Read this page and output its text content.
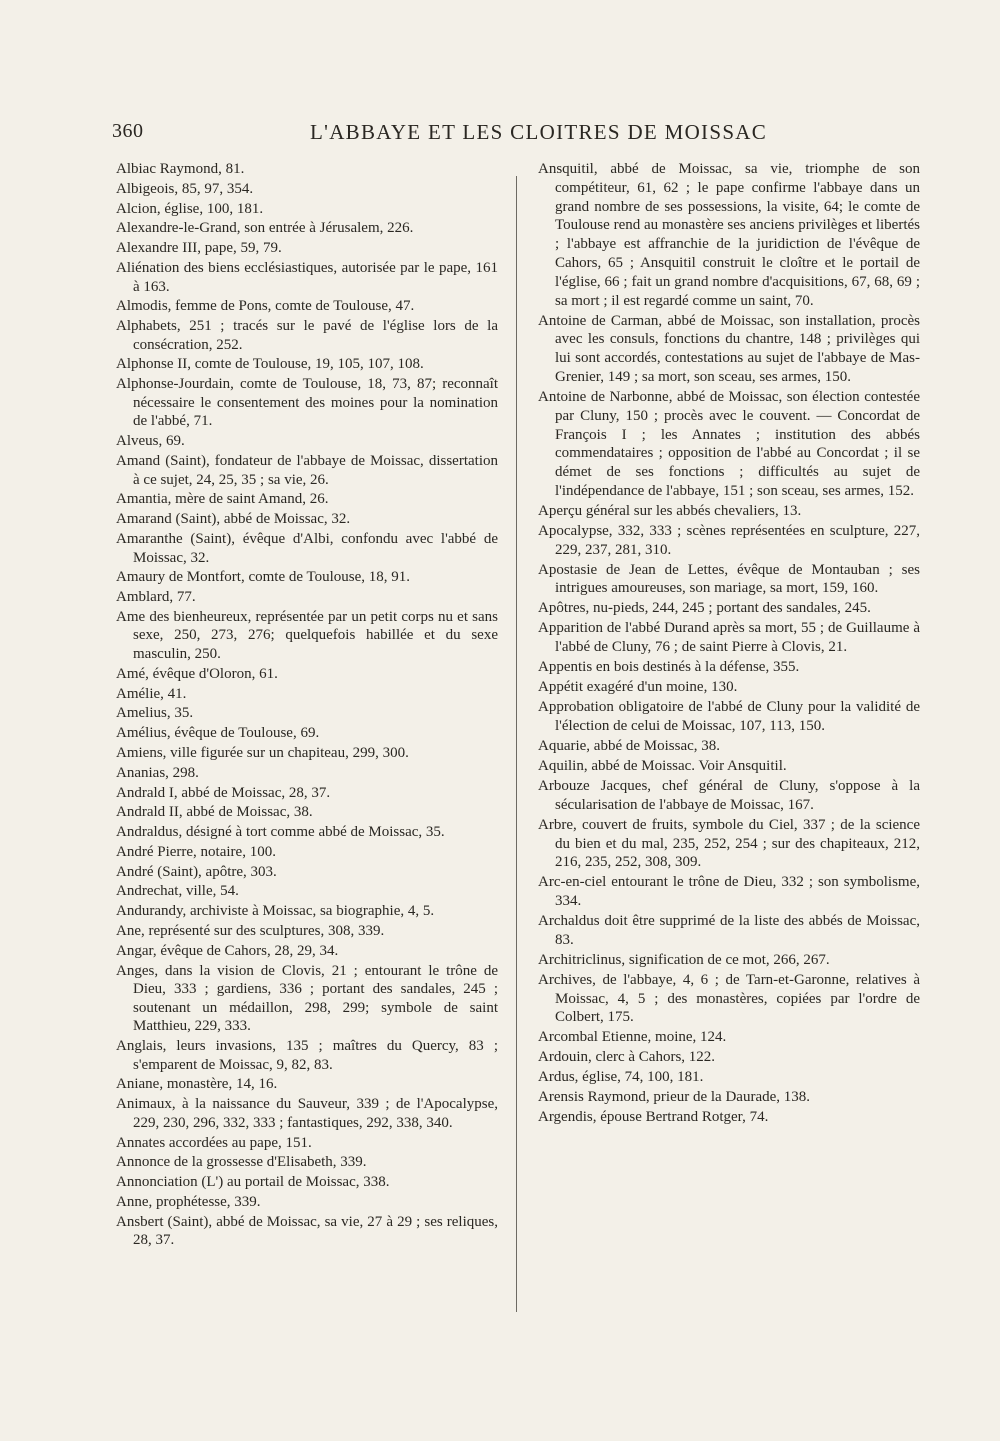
360	L'ABBAYE ET LES CLOITRES DE MOISSAC

Albiac Raymond, 81.

Albigeois, 85, 97, 354.

Alcion, église, 100, 181.

Alexandre-le-Grand, son entrée à Jérusalem, 226.

Alexandre III, pape, 59, 79.

Aliénation des biens ecclésiastiques, autorisée par le pape, 161 à 163.

Almodis, femme de Pons, comte de Toulouse, 47.

Alphabets, 251 ; tracés sur le pavé de l'église lors de la consécration, 252.

Alphonse II, comte de Toulouse, 19, 105, 107, 108.

Alphonse-Jourdain, comte de Toulouse, 18, 73, 87; reconnaît nécessaire le consentement des moines pour la nomination de l'abbé, 71.

Alveus, 69.

Amand (Saint), fondateur de l'abbaye de Moissac, dissertation à ce sujet, 24, 25, 35 ; sa vie, 26.

Amantia, mère de saint Amand, 26.

Amarand (Saint), abbé de Moissac, 32.

Amaranthe (Saint), évêque d'Albi, confondu avec l'abbé de Moissac, 32.

Amaury de Montfort, comte de Toulouse, 18, 91.

Amblard, 77.

Ame des bienheureux, représentée par un petit corps nu et sans sexe, 250, 273, 276; quelquefois habillée et du sexe masculin, 250.

Amé, évêque d'Oloron, 61.

Amélie, 41.

Amelius, 35.

Amélius, évêque de Toulouse, 69.

Amiens, ville figurée sur un chapiteau, 299, 300.

Ananias, 298.

Andrald I, abbé de Moissac, 28, 37.

Andrald II, abbé de Moissac, 38.

Andraldus, désigné à tort comme abbé de Moissac, 35.

André Pierre, notaire, 100.

André (Saint), apôtre, 303.

Andrechat, ville, 54.

Andurandy, archiviste à Moissac, sa biographie, 4, 5.

Ane, représenté sur des sculptures, 308, 339.

Angar, évêque de Cahors, 28, 29, 34.

Anges, dans la vision de Clovis, 21 ; entourant le trône de Dieu, 333 ; gardiens, 336 ; portant des sandales, 245 ; soutenant un médaillon, 298, 299; symbole de saint Matthieu, 229, 333.

Anglais, leurs invasions, 135 ; maîtres du Quercy, 83 ; s'emparent de Moissac, 9, 82, 83.

Aniane, monastère, 14, 16.

Animaux, à la naissance du Sauveur, 339 ; de l'Apocalypse, 229, 230, 296, 332, 333 ; fantastiques, 292, 338, 340.

Annates accordées au pape, 151.

Annonce de la grossesse d'Elisabeth, 339.

Annonciation (L') au portail de Moissac, 338.

Anne, prophétesse, 339.

Ansbert (Saint), abbé de Moissac, sa vie, 27 à 29 ; ses reliques, 28, 37.

Ansquitil, abbé de Moissac, sa vie, triomphe de son compétiteur, 61, 62 ; le pape confirme l'abbaye dans un grand nombre de ses possessions, la visite, 64; le comte de Toulouse rend au monastère ses anciens privilèges et libertés ; l'abbaye est affranchie de la juridiction de l'évêque de Cahors, 65 ; Ansquitil construit le cloître et le portail de l'église, 66 ; fait un grand nombre d'acquisitions, 67, 68, 69 ; sa mort ; il est regardé comme un saint, 70.

Antoine de Carman, abbé de Moissac, son installation, procès avec les consuls, fonctions du chantre, 148 ; privilèges qui lui sont accordés, contestations au sujet de l'abbaye de Mas-Grenier, 149 ; sa mort, son sceau, ses armes, 150.

Antoine de Narbonne, abbé de Moissac, son élection contestée par Cluny, 150 ; procès avec le couvent. — Concordat de François I ; les Annates ; institution des abbés commendataires ; opposition de l'abbé au Concordat ; il se démet de ses fonctions ; difficultés au sujet de l'indépendance de l'abbaye, 151 ; son sceau, ses armes, 152.

Aperçu général sur les abbés chevaliers, 13.

Apocalypse, 332, 333 ; scènes représentées en sculpture, 227, 229, 237, 281, 310.

Apostasie de Jean de Lettes, évêque de Montauban ; ses intrigues amoureuses, son mariage, sa mort, 159, 160.

Apôtres, nu-pieds, 244, 245 ; portant des sandales, 245.

Apparition de l'abbé Durand après sa mort, 55 ; de Guillaume à l'abbé de Cluny, 76 ; de saint Pierre à Clovis, 21.

Appentis en bois destinés à la défense, 355.

Appétit exagéré d'un moine, 130.

Approbation obligatoire de l'abbé de Cluny pour la validité de l'élection de celui de Moissac, 107, 113, 150.

Aquarie, abbé de Moissac, 38.

Aquilin, abbé de Moissac. Voir Ansquitil.

Arbouze Jacques, chef général de Cluny, s'oppose à la sécularisation de l'abbaye de Moissac, 167.

Arbre, couvert de fruits, symbole du Ciel, 337 ; de la science du bien et du mal, 235, 252, 254 ; sur des chapiteaux, 212, 216, 235, 252, 308, 309.

Arc-en-ciel entourant le trône de Dieu, 332 ; son symbolisme, 334.

Archaldus doit être supprimé de la liste des abbés de Moissac, 83.

Architriclinus, signification de ce mot, 266, 267.

Archives, de l'abbaye, 4, 6 ; de Tarn-et-Garonne, relatives à Moissac, 4, 5 ; des monastères, copiées par l'ordre de Colbert, 175.

Arcombal Etienne, moine, 124.

Ardouin, clerc à Cahors, 122.

Ardus, église, 74, 100, 181.

Arensis Raymond, prieur de la Daurade, 138.

Argendis, épouse Bertrand Rotger, 74.
